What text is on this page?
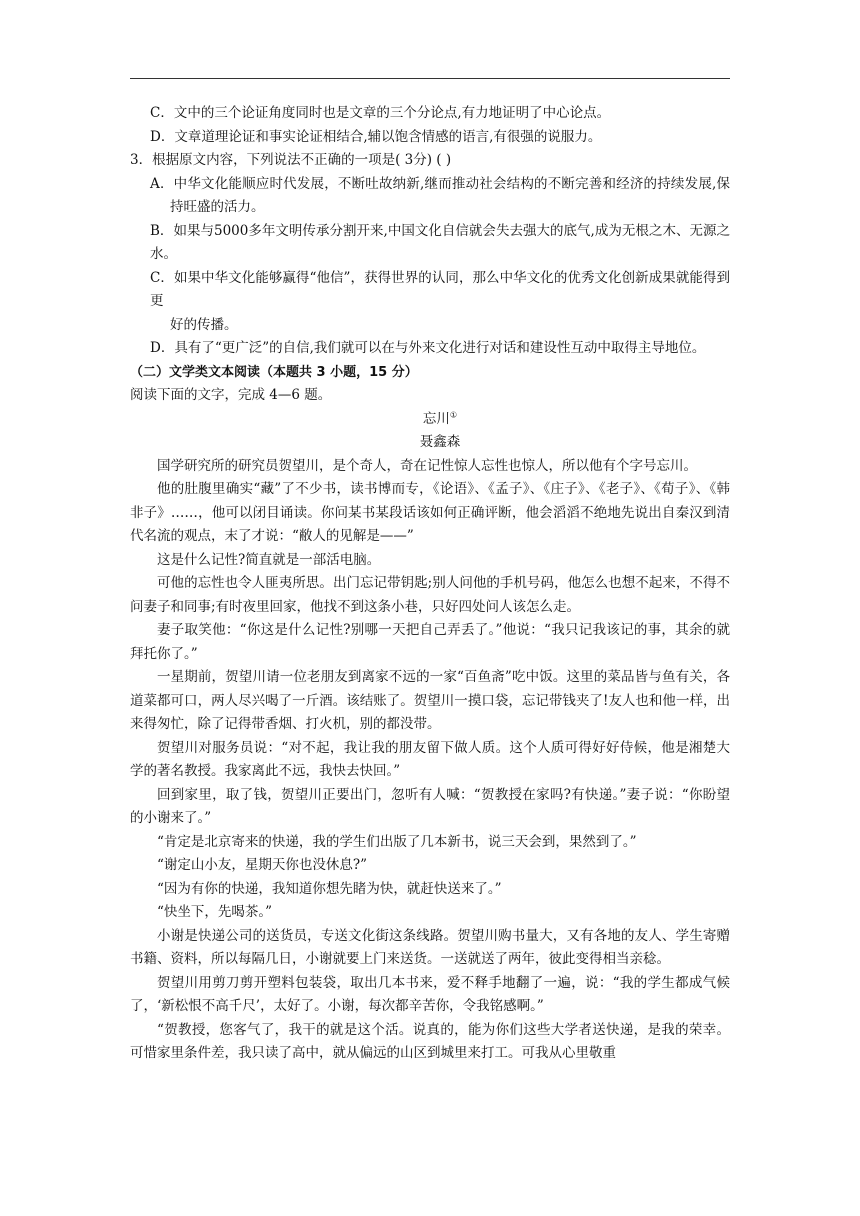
C．文中的三个论证角度同时也是文章的三个分论点,有力地证明了中心论点。

D．文章道理论证和事实论证相结合,辅以饱含情感的语言,有很强的说服力。

3．根据原文内容，下列说法不正确的一项是( 3分) ( )

A．中华文化能顺应时代发展，不断吐故纳新,继而推动社会结构的不断完善和经济的持续发展,保持旺盛的活力。

B．如果与5000多年文明传承分割开来,中国文化自信就会失去强大的底气,成为无根之木、无源之水。

C．如果中华文化能够赢得“他信”，获得世界的认同，那么中华文化的优秀文化创新成果就能得到更

好的传播。

D．具有了“更广泛”的自信,我们就可以在与外来文化进行对话和建设性互动中取得主导地位。

（二）文学类文本阅读（本题共 3 小题，15 分）

阅读下面的文字，完成 4—6 题。

忘川①

聂鑫森

国学研究所的研究员贺望川，是个奇人，奇在记性惊人忘性也惊人，所以他有个字号忘川。

他的肚腹里确实“藏”了不少书，读书博而专，《论语》、《孟子》、《庄子》、《老子》、《荀子》、《韩非子》……，他可以闭目诵读。你问某书某段话该如何正确评断，他会滔滔不绝地先说出自秦汉到清代名流的观点，末了才说：“敝人的见解是——”

这是什么记性?简直就是一部活电脑。

可他的忘性也令人匪夷所思。出门忘记带钥匙;别人问他的手机号码，他怎么也想不起来，不得不问妻子和同事;有时夜里回家，他找不到这条小巷，只好四处问人该怎么走。

妻子取笑他：“你这是什么记性?别哪一天把自己弄丢了。”他说：“我只记我该记的事，其余的就拜托你了。”

一星期前，贺望川请一位老朋友到离家不远的一家“百鱼斋”吃中饭。这里的菜品皆与鱼有关，各道菜都可口，两人尽兴喝了一斤酒。该结账了。贺望川一摸口袋，忘记带钱夹了!友人也和他一样，出来得匆忙，除了记得带香烟、打火机，别的都没带。

贺望川对服务员说：“对不起，我让我的朋友留下做人质。这个人质可得好好侍候，他是湘楚大学的著名教授。我家离此不远，我快去快回。”

回到家里，取了钱，贺望川正要出门，忽听有人喊：“贺教授在家吗?有快递。”妻子说：“你盼望的小谢来了。”

“肯定是北京寄来的快递，我的学生们出版了几本新书，说三天会到，果然到了。”

“谢定山小友，星期天你也没休息?”

“因为有你的快递，我知道你想先睹为快，就赶快送来了。”

“快坐下，先喝茶。”

小谢是快递公司的送货员，专送文化街这条线路。贺望川购书量大，又有各地的友人、学生寄赠书籍、资料，所以每隔几日，小谢就要上门来送货。一送就送了两年，彼此变得相当亲稔。

贺望川用剪刀剪开塑料包装袋，取出几本书来，爱不释手地翻了一遍，说：“我的学生都成气候了，‘新松恨不高千尺’，太好了。小谢，每次都辛苦你，令我铭感啊。”

“贺教授，您客气了，我干的就是这个活。说真的，能为你们这些大学者送快递，是我的荣幸。可惜家里条件差，我只读了高中，就从偏远的山区到城里来打工。可我从心里敬重
